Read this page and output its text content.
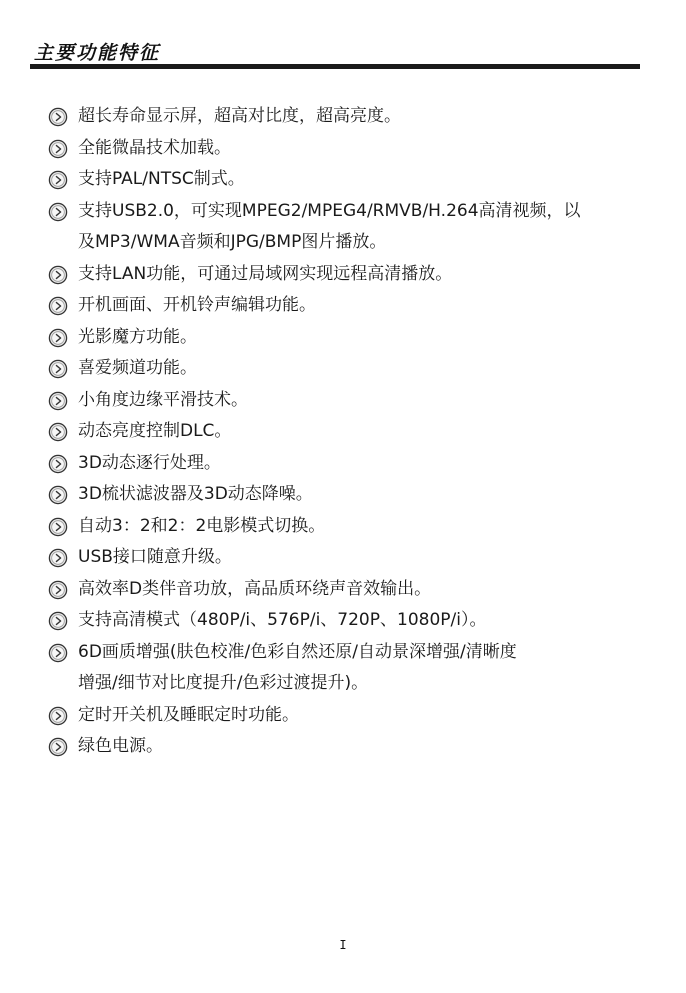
主要功能特征
超长寿命显示屏，超高对比度，超高亮度。
全能微晶技术加载。
支持PAL/NTSC制式。
支持USB2.0，可实现MPEG2/MPEG4/RMVB/H.264高清视频，以
及MP3/WMA音频和JPG/BMP图片播放。
支持LAN功能，可通过局域网实现远程高清播放。
开机画面、开机铃声编辑功能。
光影魔方功能。
喜爱频道功能。
小角度边缘平滑技术。
动态亮度控制DLC。
3D动态逐行处理。
3D梳状滤波器及3D动态降噪。
自动3：2和2：2电影模式切换。
USB接口随意升级。
高效率D类伴音功放，高品质环绕声音效输出。
支持高清模式（480P/i、576P/i、720P、1080P/i）。
6D画质增强(肤色校准/色彩自然还原/自动景深增强/清晰度
增强/细节对比度提升/色彩过渡提升)。
定时开关机及睡眠定时功能。
绿色电源。
I
